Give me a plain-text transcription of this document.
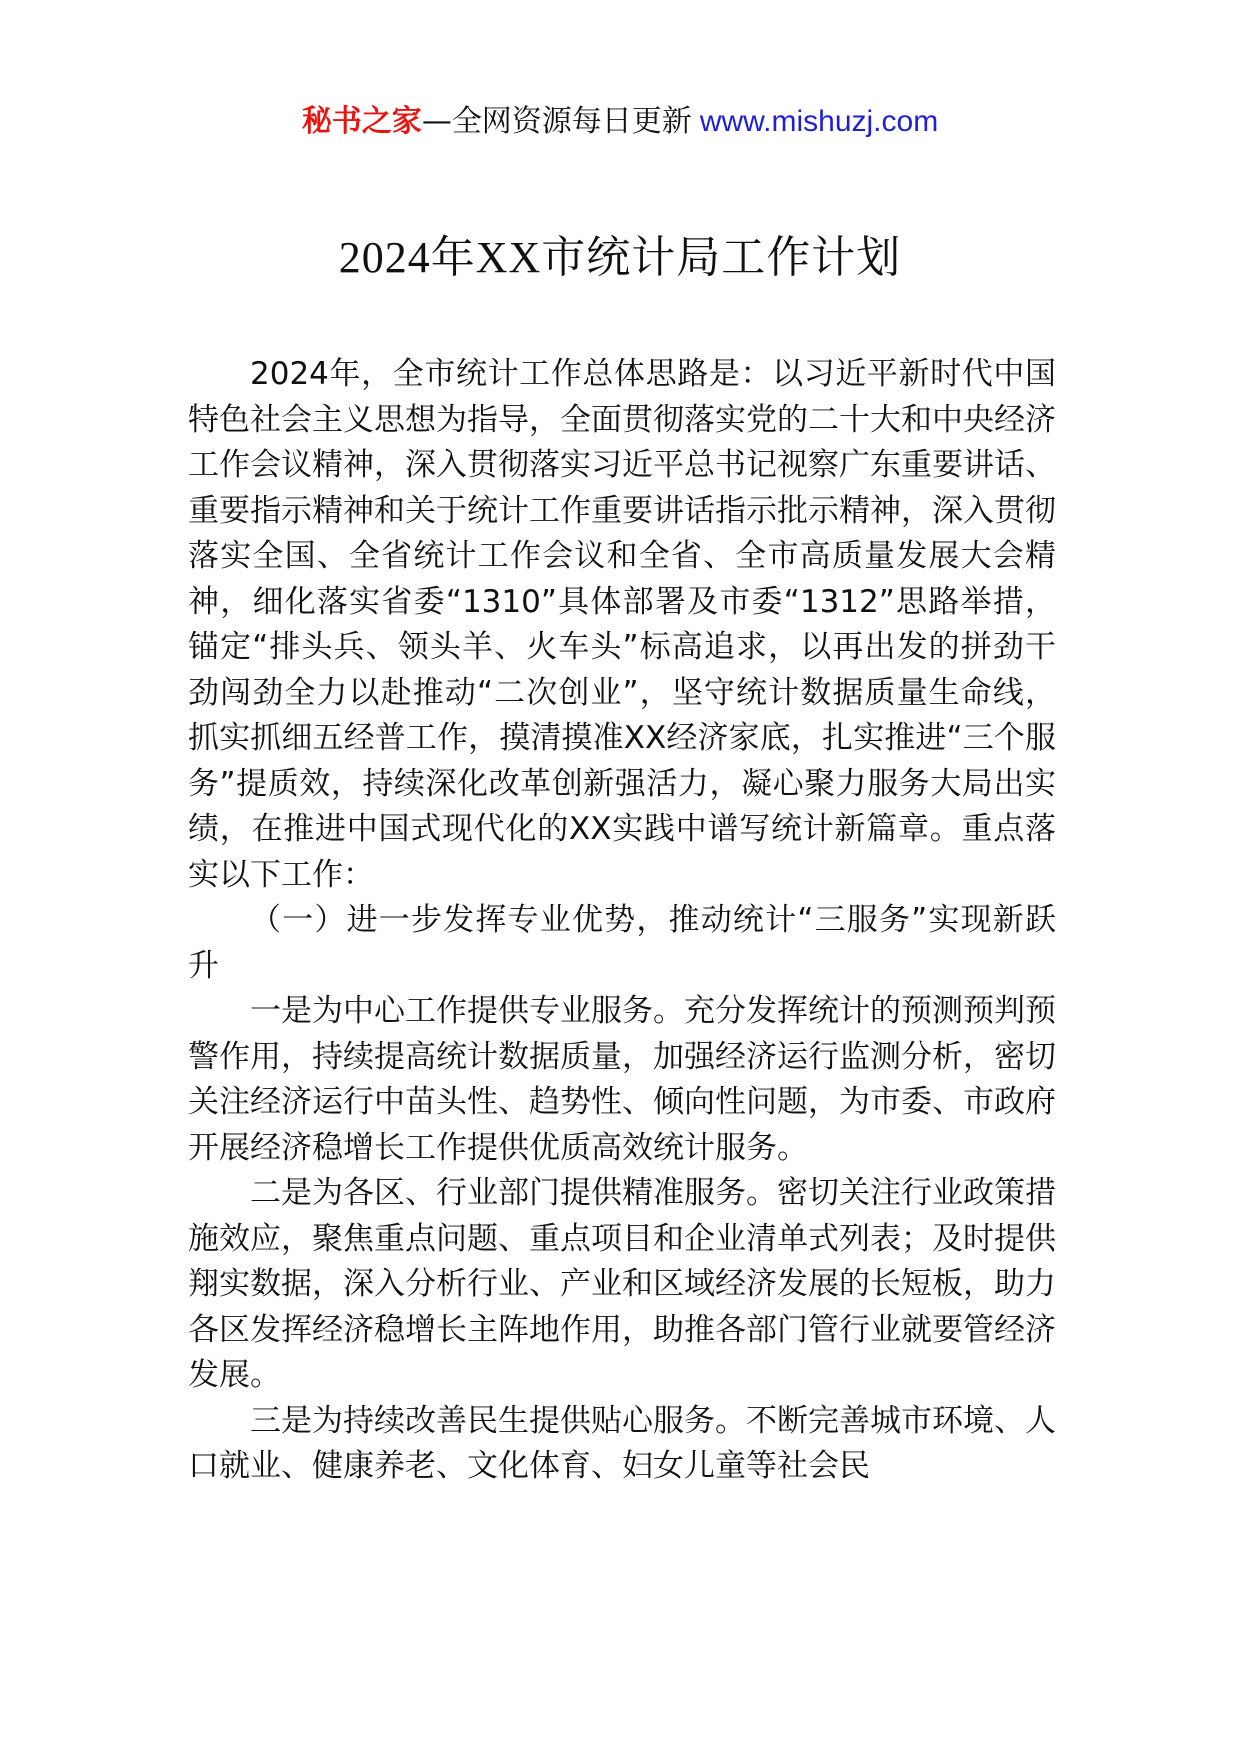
秘书之家—全网资源每日更新 www.mishuzj.com
2024年XX市统计局工作计划

2024年，全市统计工作总体思路是：以习近平新时代中国特色社会主义思想为指导，全面贯彻落实党的二十大和中央经济工作会议精神，深入贯彻落实习近平总书记视察广东重要讲话、重要指示精神和关于统计工作重要讲话指示批示精神，深入贯彻落实全国、全省统计工作会议和全省、全市高质量发展大会精神，细化落实省委“1310”具体部署及市委“1312”思路举措，锚定“排头兵、领头羊、火车头”标高追求，以再出发的拼劲干劲闯劲全力以赴推动“二次创业”，坚守统计数据质量生命线，抓实抓细五经普工作，摸清摸准XX经济家底，扎实推进“三个服务”提质效，持续深化改革创新强活力，凝心聚力服务大局出实绩，在推进中国式现代化的XX实践中谱写统计新篇章。重点落实以下工作：

（一）进一步发挥专业优势，推动统计“三服务”实现新跃升

一是为中心工作提供专业服务。充分发挥统计的预测预判预警作用，持续提高统计数据质量，加强经济运行监测分析，密切关注经济运行中苗头性、趋势性、倾向性问题，为市委、市政府开展经济稳增长工作提供优质高效统计服务。

二是为各区、行业部门提供精准服务。密切关注行业政策措施效应，聚焦重点问题、重点项目和企业清单式列表；及时提供翔实数据，深入分析行业、产业和区域经济发展的长短板，助力各区发挥经济稳增长主阵地作用，助推各部门管行业就要管经济发展。

三是为持续改善民生提供贴心服务。不断完善城市环境、人口就业、健康养老、文化体育、妇女儿童等社会民
